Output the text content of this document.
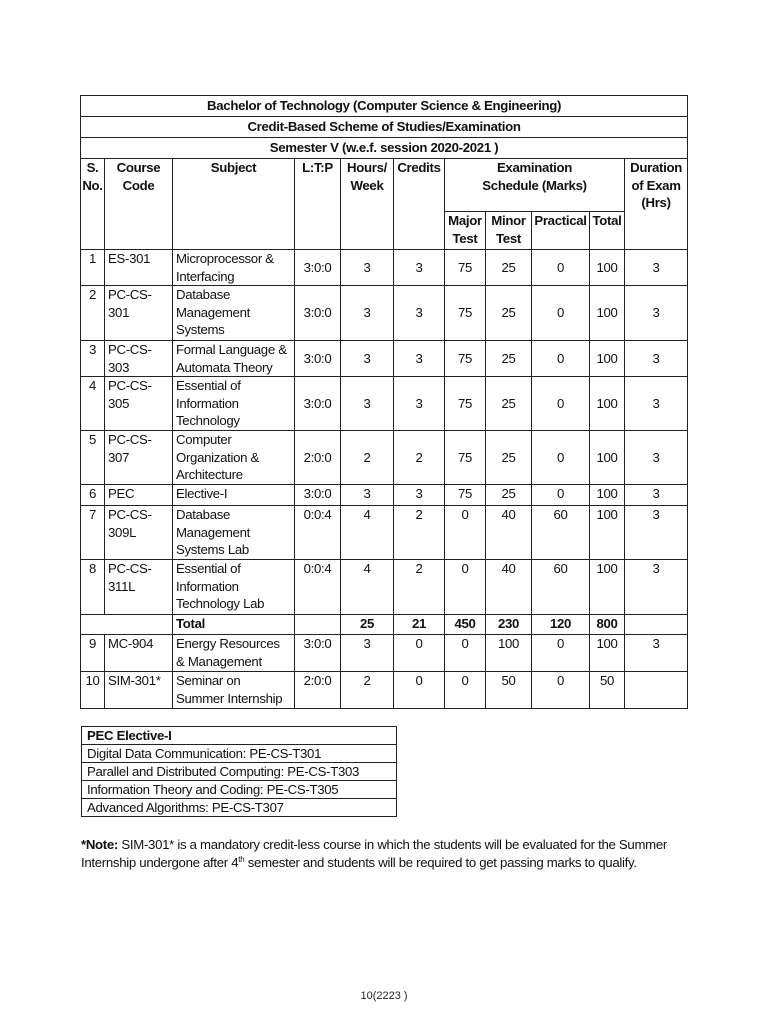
Bachelor of Technology (Computer Science & Engineering)										
Credit-Based Scheme of Studies/Examination										
Semester V (w.e.f. session 2020-2021 )										
S. No.	Course Code	Subject	L:T:P	Hours/ Week	Credits	Examination Schedule (Marks)				Duration of Exam (Hrs)
						Major Test	Minor Test	Practical	Total	
1	ES-301	Microprocessor & Interfacing	3:0:0	3	3	75	25	0	100	3
2	PC-CS-301	Database Management Systems	3:0:0	3	3	75	25	0	100	3
3	PC-CS-303	Formal Language & Automata Theory	3:0:0	3	3	75	25	0	100	3
4	PC-CS-305	Essential of Information Technology	3:0:0	3	3	75	25	0	100	3
5	PC-CS-307	Computer Organization & Architecture	2:0:0	2	2	75	25	0	100	3
6	PEC	Elective-I	3:0:0	3	3	75	25	0	100	3
7	PC-CS-309L	Database Management Systems Lab	0:0:4	4	2	0	40	60	100	3
8	PC-CS-311L	Essential of Information Technology Lab	0:0:4	4	2	0	40	60	100	3
		Total		25	21	450	230	120	800	
9	MC-904	Energy Resources & Management	3:0:0	3	0	0	100	0	100	3
10	SIM-301*	Seminar on Summer Internship	2:0:0	2	0	0	50	0	50	
PEC Elective-I
Digital Data Communication: PE-CS-T301
Parallel and Distributed Computing: PE-CS-T303
Information Theory and Coding: PE-CS-T305
Advanced Algorithms: PE-CS-T307
*Note: SIM-301* is a mandatory credit-less course in which the students will be evaluated for the Summer Internship undergone after 4th semester and students will be required to get passing marks to qualify.
10(2223 )
